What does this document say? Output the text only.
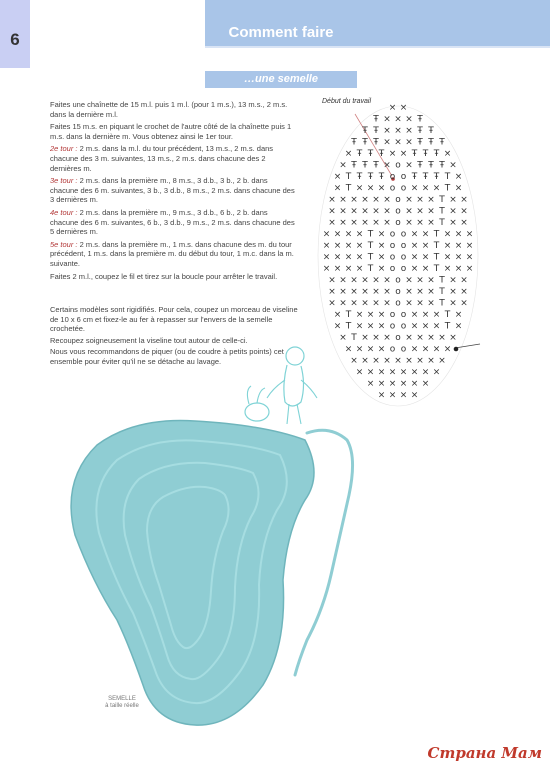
6	Comment faire
…une semelle

Faites une chaînette de 15 m.l. puis 1 m.l. (pour 1 m.s.), 13 m.s., 2 m.s. dans la dernière m.l.

Faites 15 m.s. en piquant le crochet de l'autre côté de la chaînette puis 1 m.s. dans la dernière m. Vous obtenez ainsi le 1er tour.

2e tour : 2 m.s. dans la m.l. du tour précédent, 13 m.s., 2 m.s. dans chacune des 3 m. suivantes, 13 m.s., 2 m.s. dans chacune des 2 dernières m.

3e tour : 2 m.s. dans la première m., 8 m.s., 3 d.b., 3 b., 2 b. dans chacune des 6 m. suivantes, 3 b., 3 d.b., 8 m.s., 2 m.s. dans chacune des 3 dernières m.

4e tour : 2 m.s. dans la première m., 9 m.s., 3 d.b., 6 b., 2 b. dans chacune des 6 m. suivantes, 6 b., 3 d.b., 9 m.s., 2 m.s. dans chacune des 5 dernières m.

5e tour : 2 m.s. dans la première m., 1 m.s. dans chacune des m. du tour précédent, 1 m.s. dans la première m. du début du tour, 1 m.c. dans la m. suivante.

Faites 2 m.l., coupez le fil et tirez sur la boucle pour arrêter le travail.

Certains modèles sont rigidifiés. Pour cela, coupez un morceau de viseline de 10 x 6 cm et fixez-le au fer à repasser sur l'envers de la semelle crochetée.

Recoupez soigneusement la viseline tout autour de celle-ci.

Nous vous recommandons de piquer (ou de coudre à petits points) cet ensemble pour éviter qu'il ne se détache au lavage.

Début du travail
× ×
Ŧ × × × Ŧ
Ŧ Ŧ × × × Ŧ Ŧ
Ŧ Ŧ Ŧ × × × Ŧ Ŧ Ŧ
× Ŧ Ŧ Ŧ × × Ŧ Ŧ Ŧ ×
× Ŧ Ŧ Ŧ × o × Ŧ Ŧ Ŧ ×
× T Ŧ Ŧ Ŧ o o Ŧ Ŧ Ŧ T ×
× T × × × o o × × × T ×
× × × × × × o × × × T × ×
× × × × × × o × × × T × ×
× × × × × × o × × × T × ×
× × × × T × o o × × T × × ×
× × × × T × o o × × T × × ×
× × × × T × o o × × T × × ×
× × × × T × o o × × T × × ×
× × × × × × o × × × T × ×
× × × × × × o × × × T × ×
× × × × × × o × × × T × ×
× T × × × o o × × × T ×
× T × × × o o × × × T ×
× T × × × o × × × × ×
× × × × o o × × × ×
× × × × × × × × ×
× × × × × × × ×
× × × × × ×
× × × ×
SEMELLE
à taille réelle
Страна Мам
